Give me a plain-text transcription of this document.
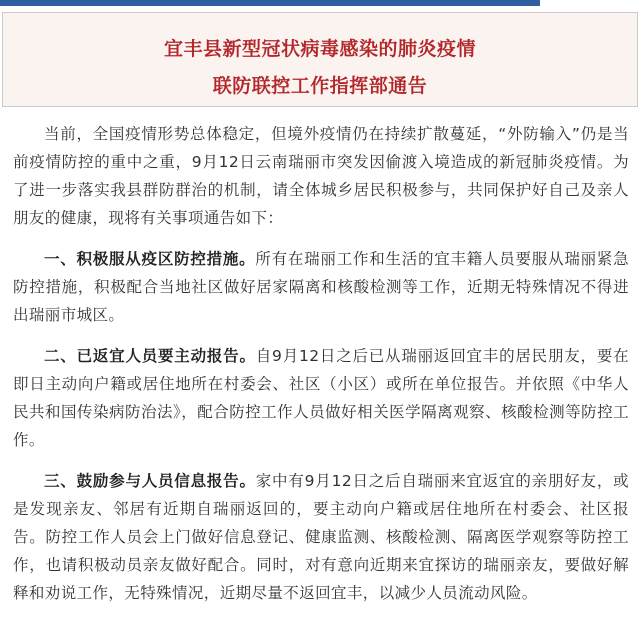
宜丰县新型冠状病毒感染的肺炎疫情
联防联控工作指挥部通告

当前，全国疫情形势总体稳定，但境外疫情仍在持续扩散蔓延，“外防输入”仍是当前疫情防控的重中之重，9月12日云南瑞丽市突发因偷渡入境造成的新冠肺炎疫情。为了进一步落实我县群防群治的机制，请全体城乡居民积极参与，共同保护好自己及亲人朋友的健康，现将有关事项通告如下：

一、积极服从疫区防控措施。所有在瑞丽工作和生活的宜丰籍人员要服从瑞丽紧急防控措施，积极配合当地社区做好居家隔离和核酸检测等工作，近期无特殊情况不得进出瑞丽市城区。

二、已返宜人员要主动报告。自9月12日之后已从瑞丽返回宜丰的居民朋友，要在即日主动向户籍或居住地所在村委会、社区（小区）或所在单位报告。并依照《中华人民共和国传染病防治法》，配合防控工作人员做好相关医学隔离观察、核酸检测等防控工作。

三、鼓励参与人员信息报告。家中有9月12日之后自瑞丽来宜返宜的亲朋好友，或是发现亲友、邻居有近期自瑞丽返回的，要主动向户籍或居住地所在村委会、社区报告。防控工作人员会上门做好信息登记、健康监测、核酸检测、隔离医学观察等防控工作，也请积极动员亲友做好配合。同时，对有意向近期来宜探访的瑞丽亲友，要做好解释和劝说工作，无特殊情况，近期尽量不返回宜丰，以减少人员流动风险。
